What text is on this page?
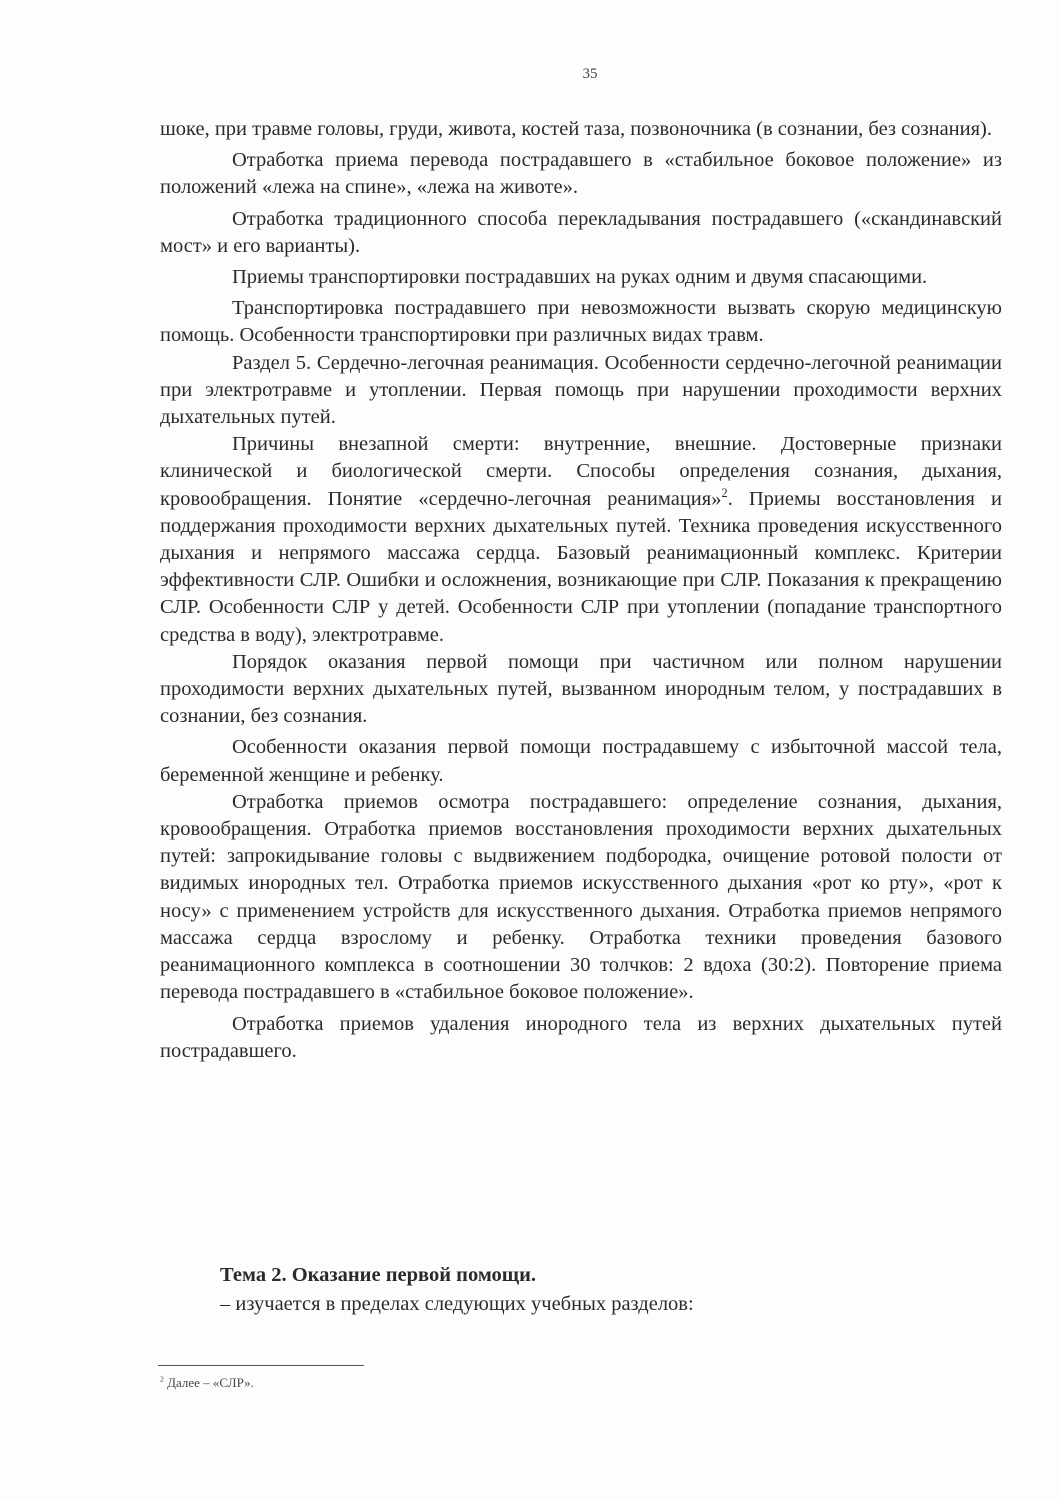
35

шоке, при травме головы, груди, живота, костей таза, позвоночника (в сознании, без сознания).

Отработка приема перевода пострадавшего в «стабильное боковое положение» из положений «лежа на спине», «лежа на животе».

Отработка традиционного способа перекладывания пострадавшего («скандинавский мост» и его варианты).

Приемы транспортировки пострадавших на руках одним и двумя спасающими.

Транспортировка пострадавшего при невозможности вызвать скорую медицинскую помощь. Особенности транспортировки при различных видах травм.

Раздел 5. Сердечно-легочная реанимация. Особенности сердечно-легочной реанимации при электротравме и утоплении. Первая помощь при нарушении проходимости верхних дыхательных путей.

Причины внезапной смерти: внутренние, внешние. Достоверные признаки клинической и биологической смерти. Способы определения сознания, дыхания, кровообращения. Понятие «сердечно-легочная реанимация»$^2$. Приемы восстановления и поддержания проходимости верхних дыхательных путей. Техника проведения искусственного дыхания и непрямого массажа сердца. Базовый реанимационный комплекс. Критерии эффективности СЛР. Ошибки и осложнения, возникающие при СЛР. Показания к прекращению СЛР. Особенности СЛР у детей. Особенности СЛР при утоплении (попадание транспортного средства в воду), электротравме.

Порядок оказания первой помощи при частичном или полном нарушении проходимости верхних дыхательных путей, вызванном инородным телом, у пострадавших в сознании, без сознания.

Особенности оказания первой помощи пострадавшему с избыточной массой тела, беременной женщине и ребенку.

Отработка приемов осмотра пострадавшего: определение сознания, дыхания, кровообращения. Отработка приемов восстановления проходимости верхних дыхательных путей: запрокидывание головы с выдвижением подбородка, очищение ротовой полости от видимых инородных тел. Отработка приемов искусственного дыхания «рот ко рту», «рот к носу» с применением устройств для искусственного дыхания. Отработка приемов непрямого массажа сердца взрослому и ребенку. Отработка техники проведения базового реанимационного комплекса в соотношении 30 толчков: 2 вдоха (30:2). Повторение приема перевода пострадавшего в «стабильное боковое положение».

Отработка приемов удаления инородного тела из верхних дыхательных путей пострадавшего.

Тема 2. Оказание первой помощи.

– изучается в пределах следующих учебных разделов:

$^2$ Далее – «СЛР».
